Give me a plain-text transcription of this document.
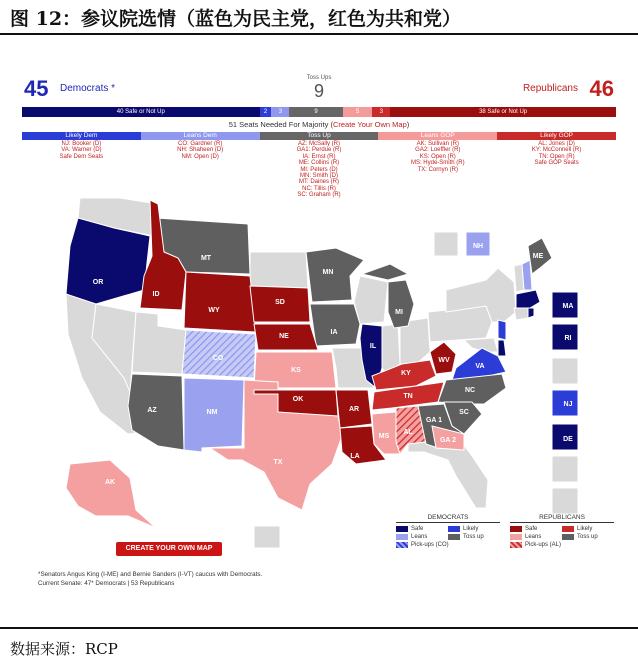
图 12：参议院选情（蓝色为民主党，红色为共和党）
45 Democrats *
Toss Ups
9	46
Republicans
40 Safe or Not Up	2	3	9	5	3	38 Safe or Not Up
51 Seats Needed For Majority (Create Your Own Map)
Likely Dem
NJ: Booker (D)
VA: Warner (D)
Safe Dem Seats
Leans Dem
CO: Gardner (R)
NH: Shaheen (D)
NM: Open (D)
Toss Up
AZ: McSally (R)
GA1: Perdue (R)
IA: Ernst (R)
ME: Collins (R)
MI: Peters (D)
MN: Smith (D)
MT: Daines (R)
NC: Tillis (R)
SC: Graham (R)
Leans GOP
AK: Sullivan (R)
GA2: Loeffler (R)
KS: Open (R)
MS: Hyde-Smith (R)
TX: Cornyn (R)
Likely GOP
AL: Jones (D)
KY: McConnell (R)
TN: Open (R)
Safe GOP Seats
OR
ID
MT
WY
SD
NE
MN
IA
IL
MI
KS
CO
NM
AZ
TX
OK
AR
LA
MS
AL
GA 1
GA 2
SC
NC
TN
KY
WV
VA
DE
NJ
RI
MA
NH
ME
AK
CREATE YOUR OWN MAP
DEMOCRATS
Safe	Likely
Leans	Toss up
Pick-ups (CO)
REPUBLICANS
Safe	Likely
Leans	Toss up
Pick-ups (AL)
*Senators Angus King (I-ME) and Bernie Sanders (I-VT) caucus with Democrats.
Current Senate: 47* Democrats | 53 Republicans
数据来源：RCP
